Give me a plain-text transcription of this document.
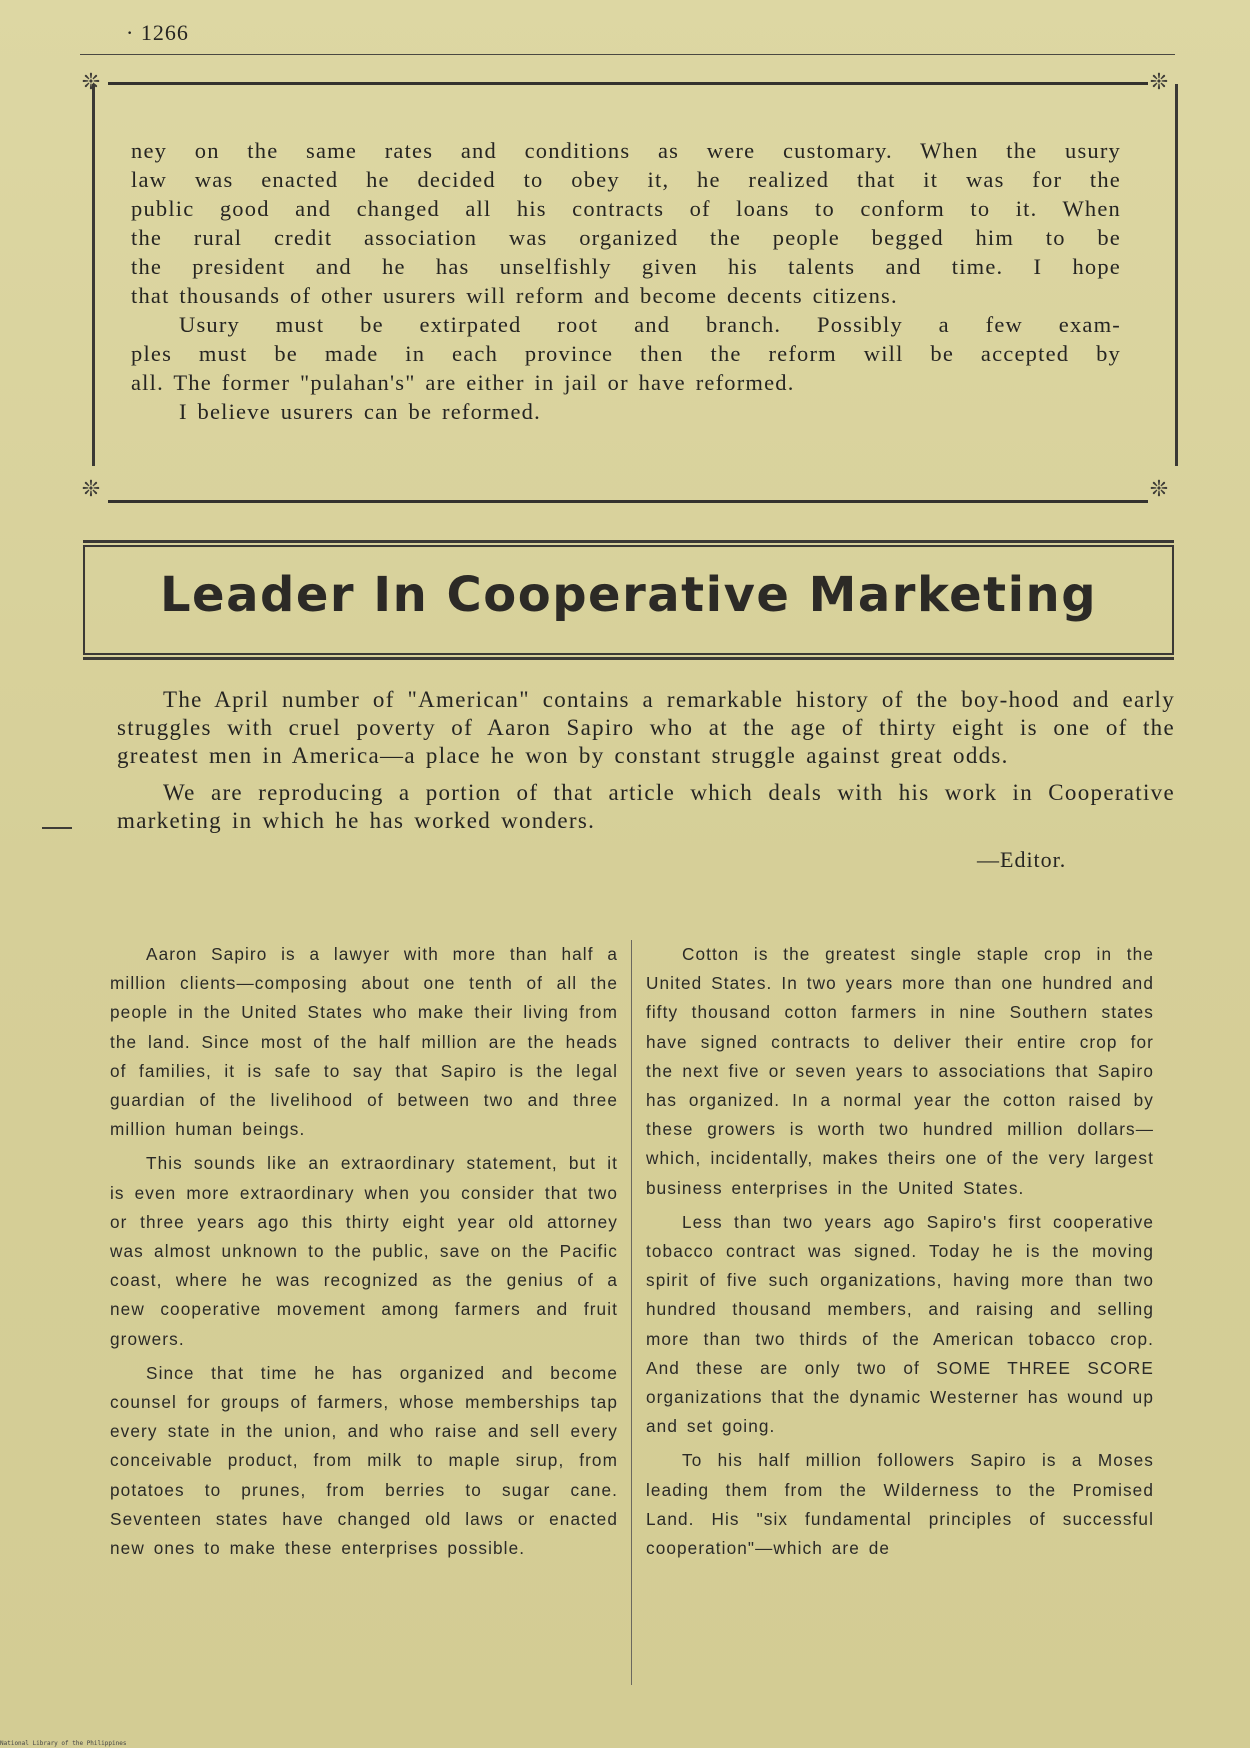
· 1266
❊	❊
❊	❊

ney on the same rates and conditions as were customary. When the usury

law was enacted he decided to obey it, he realized that it was for the

public good and changed all his contracts of loans to conform to it. When

the rural credit association was organized the people begged him to be

the president and he has unselfishly given his talents and time. I hope

that thousands of other usurers will reform and become decents citizens.

Usury must be extirpated root and branch. Possibly a few exam-

ples must be made in each province then the reform will be accepted by

all. The former "pulahan's" are either in jail or have reformed.

I believe usurers can be reformed.

Leader In Cooperative Marketing

The April number of "American" contains a remarkable history of the boy-hood and early struggles with cruel poverty of Aaron Sapiro who at the age of thirty eight is one of the greatest men in America—a place he won by constant struggle against great odds.

We are reproducing a portion of that article which deals with his work in Cooperative marketing in which he has worked wonders.

—Editor.

Aaron Sapiro is a lawyer with more than half a million clients—composing about one tenth of all the people in the United States who make their living from the land. Since most of the half million are the heads of families, it is safe to say that Sapiro is the legal guardian of the livelihood of between two and three million human beings.

This sounds like an extraordinary statement, but it is even more extraordinary when you consider that two or three years ago this thirty eight year old attorney was almost unknown to the public, save on the Pacific coast, where he was recognized as the genius of a new cooperative movement among farmers and fruit growers.

Since that time he has organized and become counsel for groups of farmers, whose memberships tap every state in the union, and who raise and sell every conceivable product, from milk to maple sirup, from potatoes to prunes, from berries to sugar cane. Seventeen states have changed old laws or enacted new ones to make these enterprises possible.

Cotton is the greatest single staple crop in the United States. In two years more than one hundred and fifty thousand cotton farmers in nine Southern states have signed contracts to deliver their entire crop for the next five or seven years to associations that Sapiro has organized. In a normal year the cotton raised by these growers is worth two hundred million dollars—which, incidentally, makes theirs one of the very largest business enterprises in the United States.

Less than two years ago Sapiro's first cooperative tobacco contract was signed. Today he is the moving spirit of five such organizations, having more than two hundred thousand members, and raising and selling more than two thirds of the American tobacco crop. And these are only two of SOME THREE SCORE organizations that the dynamic Westerner has wound up and set going.

To his half million followers Sapiro is a Moses leading them from the Wilderness to the Promised Land. His "six fundamental principles of successful cooperation"—which are de

National Library of the Philippines
